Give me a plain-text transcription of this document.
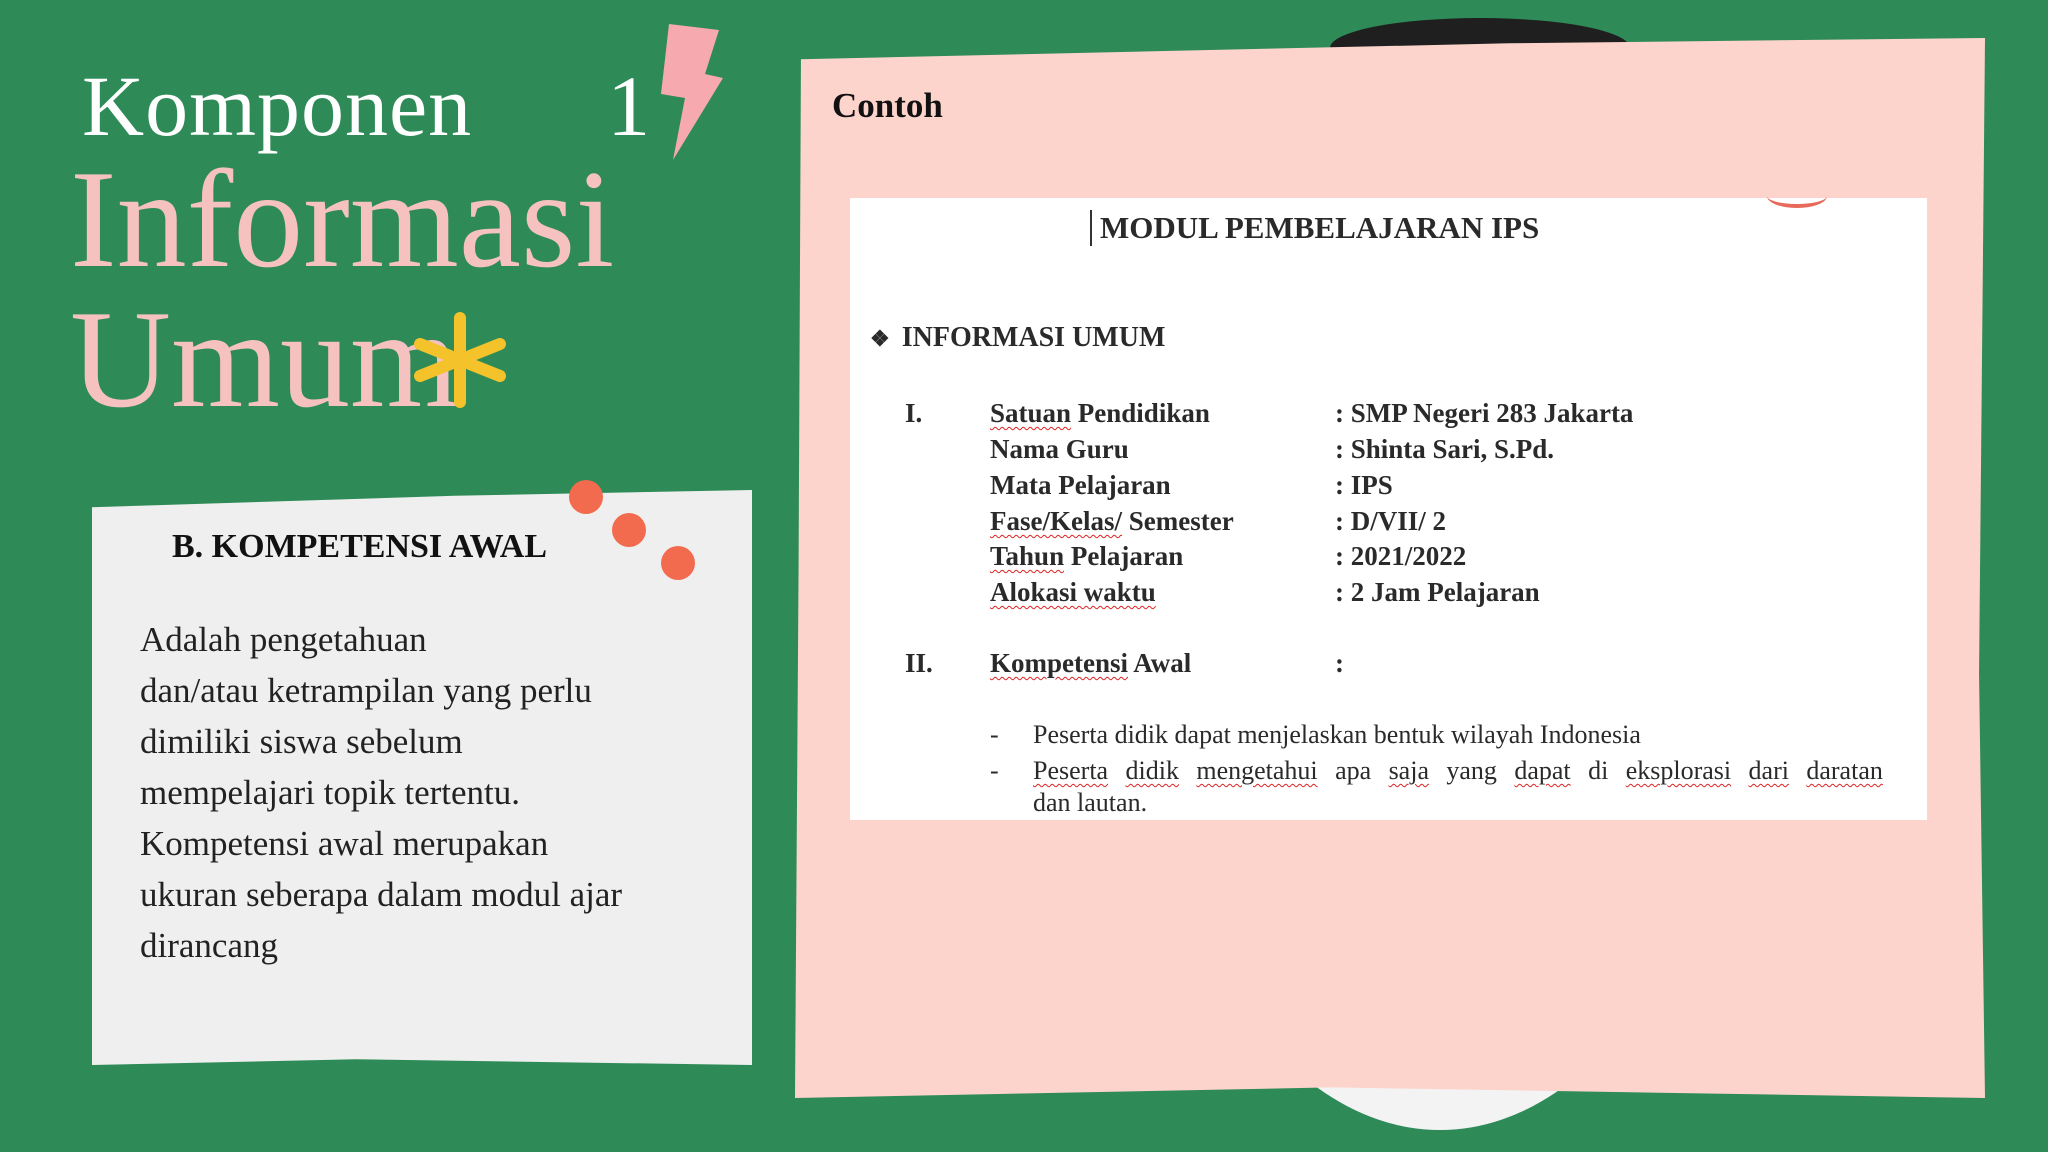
Komponen      1
Informasi
Umum
B. KOMPETENSI AWAL
Adalah pengetahuan
dan/atau ketrampilan yang perlu
dimiliki siswa sebelum
mempelajari topik tertentu.
Kompetensi awal merupakan
ukuran seberapa dalam modul ajar
dirancang
Contoh
MODUL PEMBELAJARAN IPS
❖ INFORMASI UMUM
I.	Satuan Pendidikan	: SMP Negeri 283 Jakarta
Nama Guru	: Shinta Sari, S.Pd.
Mata Pelajaran	: IPS
Fase/Kelas/ Semester	: D/VII/ 2
Tahun Pelajaran	: 2021/2022
Alokasi waktu	: 2 Jam Pelajaran
II. Kompetensi Awal	:
- Peserta didik dapat menjelaskan bentuk wilayah Indonesia
- Peserta didik mengetahui apa saja yang dapat di eksplorasi dari daratan
dan lautan.
